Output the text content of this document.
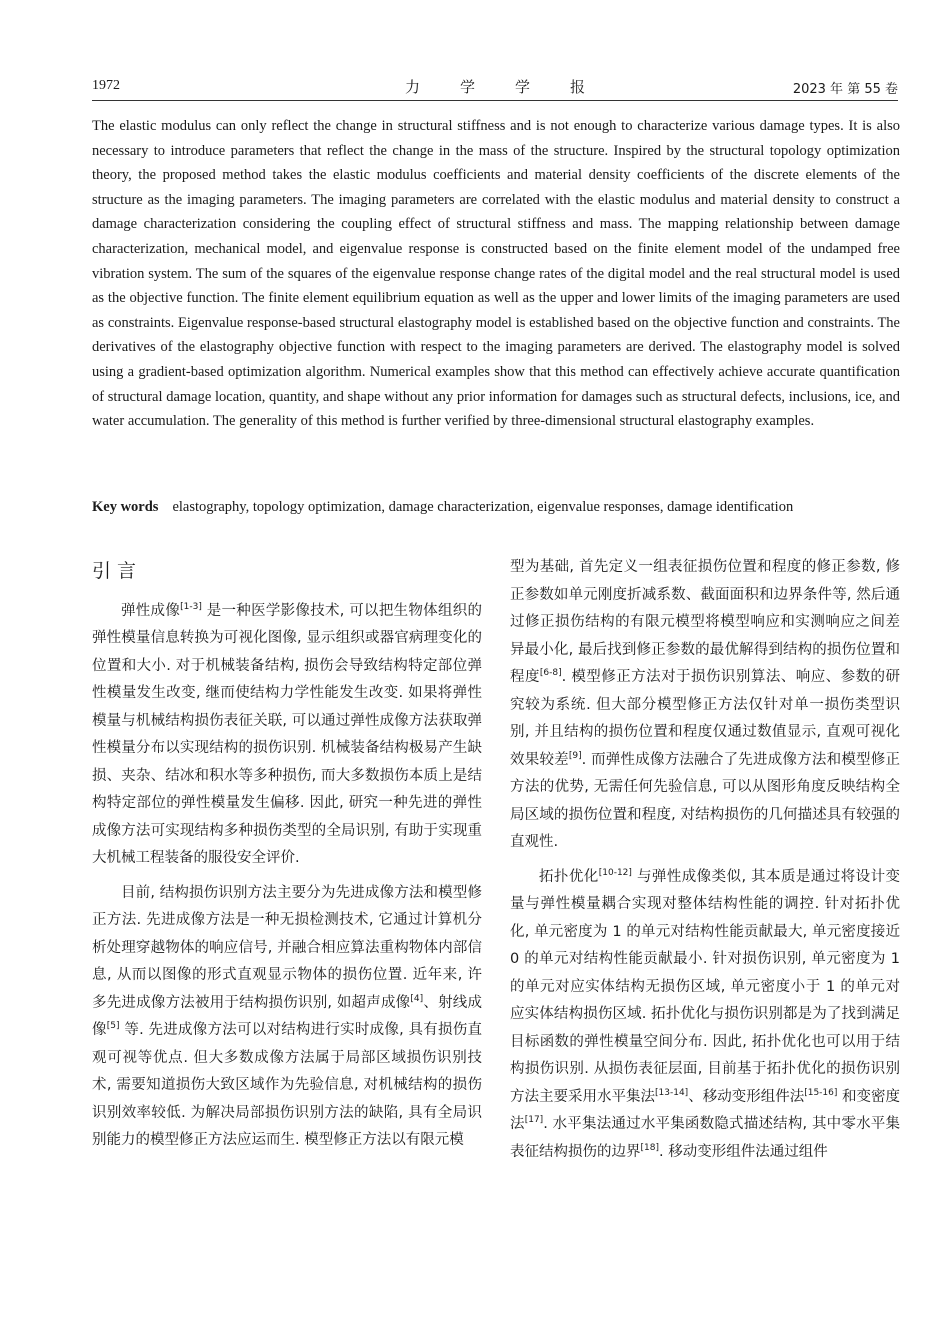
1972	力学学报	2023 年 第 55 卷

The elastic modulus can only reflect the change in structural stiffness and is not enough to characterize various damage types. It is also necessary to introduce parameters that reflect the change in the mass of the structure. Inspired by the structural topology optimization theory, the proposed method takes the elastic modulus coefficients and material density coefficients of the discrete elements of the structure as the imaging parameters. The imaging parameters are correlated with the elastic modulus and material density to construct a damage characterization considering the coupling effect of structural stiffness and mass. The mapping relationship between damage characterization, mechanical model, and eigenvalue response is constructed based on the finite element model of the undamped free vibration system. The sum of the squares of the eigenvalue response change rates of the digital model and the real structural model is used as the objective function. The finite element equilibrium equation as well as the upper and lower limits of the imaging parameters are used as constraints. Eigenvalue response-based structural elastography model is established based on the objective function and constraints. The derivatives of the elastography objective function with respect to the imaging parameters are derived. The elastography model is solved using a gradient-based optimization algorithm. Numerical examples show that this method can effectively achieve accurate quantification of structural damage location, quantity, and shape without any prior information for damages such as structural defects, inclusions, ice, and water accumulation. The generality of this method is further verified by three-dimensional structural elastography examples.

Key words elastography, topology optimization, damage characterization, eigenvalue responses, damage identification
引 言

弹性成像[1-3] 是一种医学影像技术, 可以把生物体组织的弹性模量信息转换为可视化图像, 显示组织或器官病理变化的位置和大小. 对于机械装备结构, 损伤会导致结构特定部位弹性模量发生改变, 继而使结构力学性能发生改变. 如果将弹性模量与机械结构损伤表征关联, 可以通过弹性成像方法获取弹性模量分布以实现结构的损伤识别. 机械装备结构极易产生缺损、夹杂、结冰和积水等多种损伤, 而大多数损伤本质上是结构特定部位的弹性模量发生偏移. 因此, 研究一种先进的弹性成像方法可实现结构多种损伤类型的全局识别, 有助于实现重大机械工程装备的服役安全评价.

目前, 结构损伤识别方法主要分为先进成像方法和模型修正方法. 先进成像方法是一种无损检测技术, 它通过计算机分析处理穿越物体的响应信号, 并融合相应算法重构物体内部信息, 从而以图像的形式直观显示物体的损伤位置. 近年来, 许多先进成像方法被用于结构损伤识别, 如超声成像[4]、射线成像[5] 等. 先进成像方法可以对结构进行实时成像, 具有损伤直观可视等优点. 但大多数成像方法属于局部区域损伤识别技术, 需要知道损伤大致区域作为先验信息, 对机械结构的损伤识别效率较低. 为解决局部损伤识别方法的缺陷, 具有全局识别能力的模型修正方法应运而生. 模型修正方法以有限元模

型为基础, 首先定义一组表征损伤位置和程度的修正参数, 修正参数如单元刚度折减系数、截面面积和边界条件等, 然后通过修正损伤结构的有限元模型将模型响应和实测响应之间差异最小化, 最后找到修正参数的最优解得到结构的损伤位置和程度[6-8]. 模型修正方法对于损伤识别算法、响应、参数的研究较为系统. 但大部分模型修正方法仅针对单一损伤类型识别, 并且结构的损伤位置和程度仅通过数值显示, 直观可视化效果较差[9]. 而弹性成像方法融合了先进成像方法和模型修正方法的优势, 无需任何先验信息, 可以从图形角度反映结构全局区域的损伤位置和程度, 对结构损伤的几何描述具有较强的直观性.

拓扑优化[10-12] 与弹性成像类似, 其本质是通过将设计变量与弹性模量耦合实现对整体结构性能的调控. 针对拓扑优化, 单元密度为 1 的单元对结构性能贡献最大, 单元密度接近 0 的单元对结构性能贡献最小. 针对损伤识别, 单元密度为 1 的单元对应实体结构无损伤区域, 单元密度小于 1 的单元对应实体结构损伤区域. 拓扑优化与损伤识别都是为了找到满足目标函数的弹性模量空间分布. 因此, 拓扑优化也可以用于结构损伤识别. 从损伤表征层面, 目前基于拓扑优化的损伤识别方法主要采用水平集法[13-14]、移动变形组件法[15-16] 和变密度法[17]. 水平集法通过水平集函数隐式描述结构, 其中零水平集表征结构损伤的边界[18]. 移动变形组件法通过组件
